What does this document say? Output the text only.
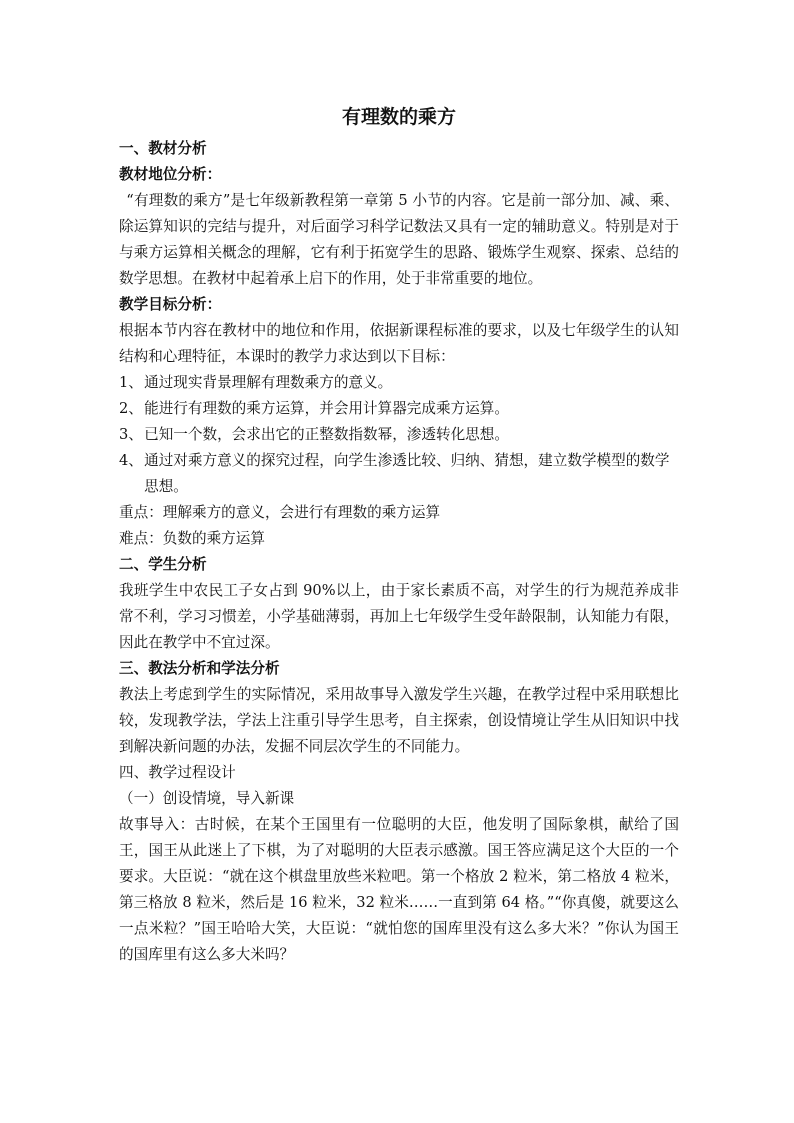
有理数的乘方
一、教材分析
教材地位分析：
“有理数的乘方”是七年级新教程第一章第 5 小节的内容。它是前一部分加、减、乘、除运算知识的完结与提升，对后面学习科学记数法又具有一定的辅助意义。特别是对于与乘方运算相关概念的理解，它有利于拓宽学生的思路、锻炼学生观察、探索、总结的数学思想。在教材中起着承上启下的作用，处于非常重要的地位。
教学目标分析：
根据本节内容在教材中的地位和作用，依据新课程标准的要求，以及七年级学生的认知结构和心理特征，本课时的教学力求达到以下目标：
1、 通过现实背景理解有理数乘方的意义。
2、 能进行有理数的乘方运算，并会用计算器完成乘方运算。
3、 已知一个数，会求出它的正整数指数幂，渗透转化思想。
4、 通过对乘方意义的探究过程，向学生渗透比较、归纳、猜想，建立数学模型的数学思想。
重点：理解乘方的意义，会进行有理数的乘方运算
难点：负数的乘方运算
二、学生分析
我班学生中农民工子女占到 90%以上，由于家长素质不高，对学生的行为规范养成非常不利，学习习惯差，小学基础薄弱，再加上七年级学生受年龄限制，认知能力有限，因此在教学中不宜过深。
三、教法分析和学法分析
教法上考虑到学生的实际情况，采用故事导入激发学生兴趣，在教学过程中采用联想比较，发现教学法，学法上注重引导学生思考，自主探索，创设情境让学生从旧知识中找到解决新问题的办法，发掘不同层次学生的不同能力。
四、教学过程设计
（一）创设情境，导入新课
故事导入：古时候，在某个王国里有一位聪明的大臣，他发明了国际象棋，献给了国王，国王从此迷上了下棋，为了对聪明的大臣表示感激。国王答应满足这个大臣的一个要求。大臣说：“就在这个棋盘里放些米粒吧。第一个格放 2 粒米，第二格放 4 粒米，第三格放 8 粒米，然后是 16 粒米，32 粒米……一直到第 64 格。”“你真傻，就要这么一点米粒？”国王哈哈大笑，大臣说：“就怕您的国库里没有这么多大米？”你认为国王的国库里有这么多大米吗？
